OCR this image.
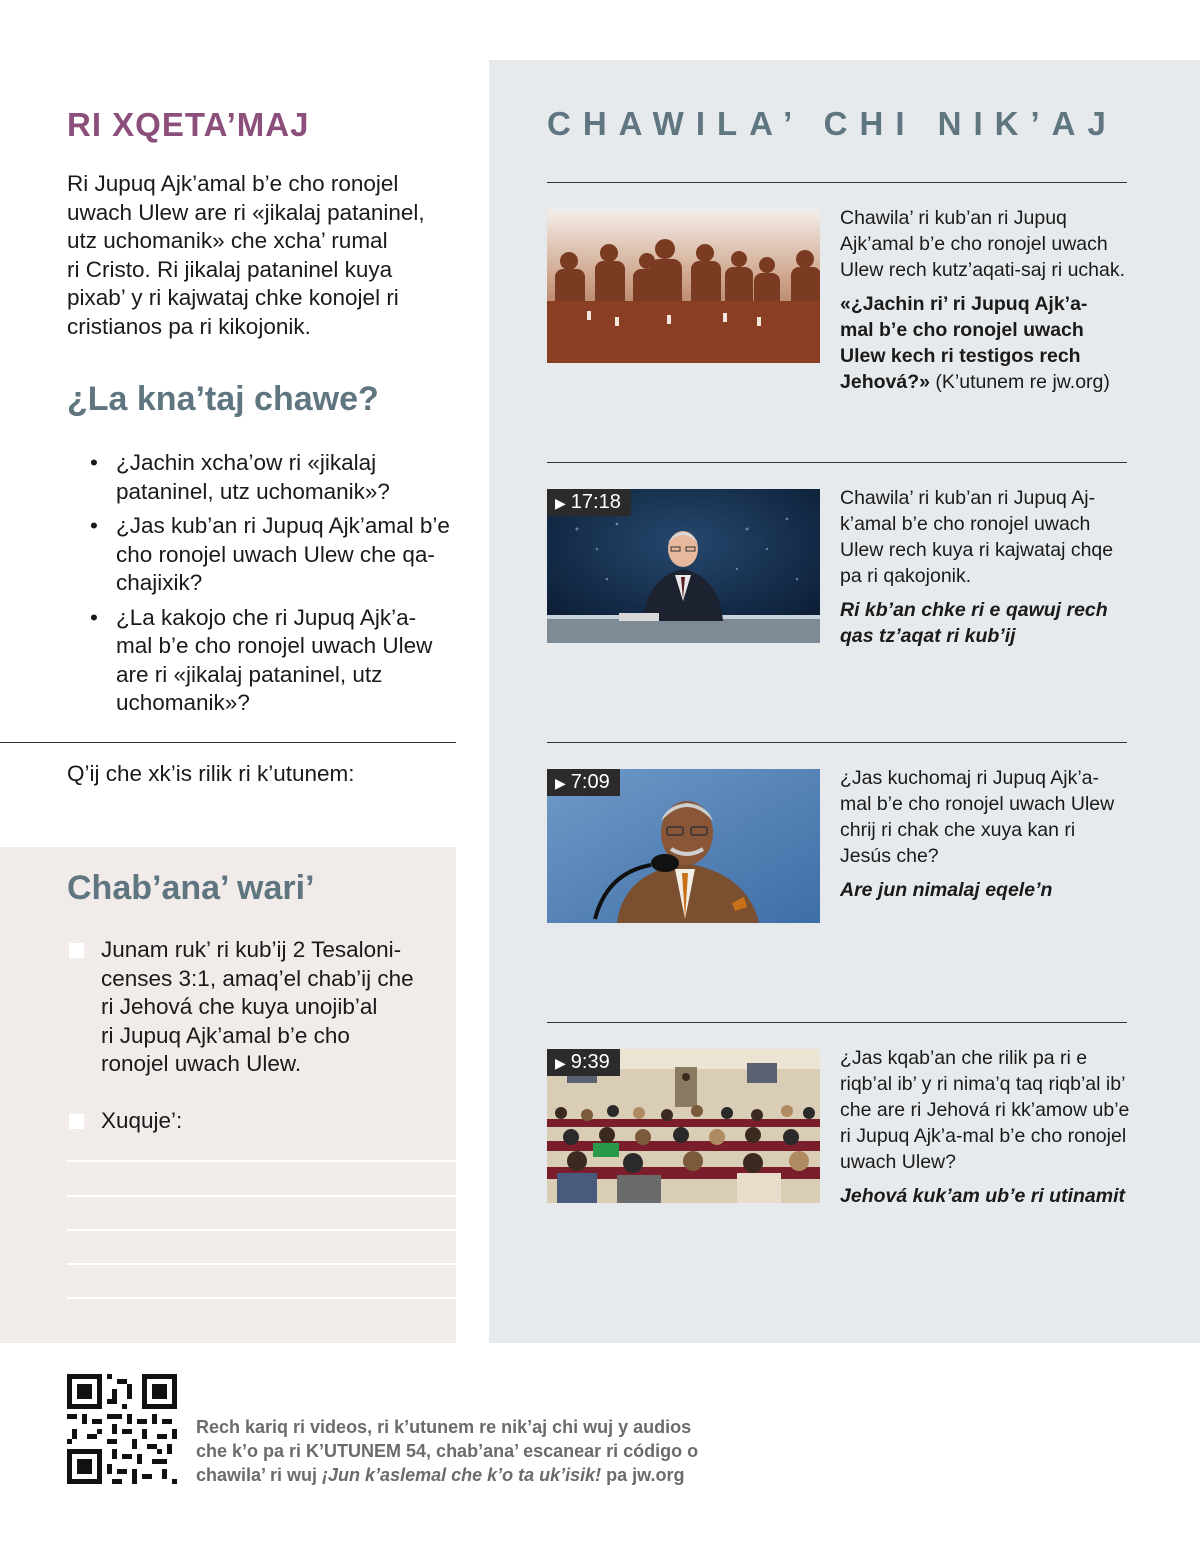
RI XQETA’MAJ
Ri Jupuq Ajk’amal b’e cho ronojel
uwach Ulew are ri «jikalaj pataninel,
utz uchomanik» che xcha’ rumal
ri Cristo. Ri jikalaj pataninel kuya
pixab’ y ri kajwataj chke konojel ri
cristianos pa ri kikojonik.
¿La kna’taj chawe?
• ¿Jachin xcha’ow ri «jikalaj
pataninel, utz uchomanik»?
• ¿Jas kub’an ri Jupuq Ajk’amal b’e
cho ronojel uwach Ulew che qa-
chajixik?
• ¿La kakojo che ri Jupuq Ajk’a-
mal b’e cho ronojel uwach Ulew
are ri «jikalaj pataninel, utz
uchomanik»?
Q’ij che xk’is rilik ri k’utunem:
Chab’ana’ wari’
Junam ruk’ ri kub’ij 2 Tesaloni-
censes 3:1, amaq’el chab’ij che
ri Jehová che kuya unojib’al
ri Jupuq Ajk’amal b’e cho
ronojel uwach Ulew.
Xuquje’:
CHAWILA’ CHI NIK’AJ
Chawila’ ri kub’an ri Jupuq Ajk’amal b’e cho ronojel uwach Ulew rech kutz’aqati-saj ri uchak.
«¿Jachin ri’ ri Jupuq Ajk’a-
mal b’e cho ronojel uwach
Ulew kech ri testigos rech
Jehová?» (K’utunem re jw.org)
▶ 17:18	Chawila’ ri kub’an ri Jupuq Aj-k’amal b’e cho ronojel uwach Ulew rech kuya ri kajwataj chqe pa ri qakojonik.
Ri kb’an chke ri e qawuj rech
qas tz’aqat ri kub’ij
▶ 7:09	¿Jas kuchomaj ri Jupuq Ajk’a-mal b’e cho ronojel uwach Ulew chrij ri chak che xuya kan ri Jesús che?
Are jun nimalaj eqele’n
▶ 9:39	¿Jas kqab’an che rilik pa ri e riqb’al ib’ y ri nima’q taq riqb’al ib’ che are ri Jehová ri kk’amow ub’e ri Jupuq Ajk’a-mal b’e cho ronojel uwach Ulew?
Jehová kuk’am ub’e ri utinamit
Rech kariq ri videos, ri k’utunem re nik’aj chi wuj y audios
che k’o pa ri K’UTUNEM 54, chab’ana’ escanear ri código o
chawila’ ri wuj ¡Jun k’aslemal che k’o ta uk’isik! pa jw.org
